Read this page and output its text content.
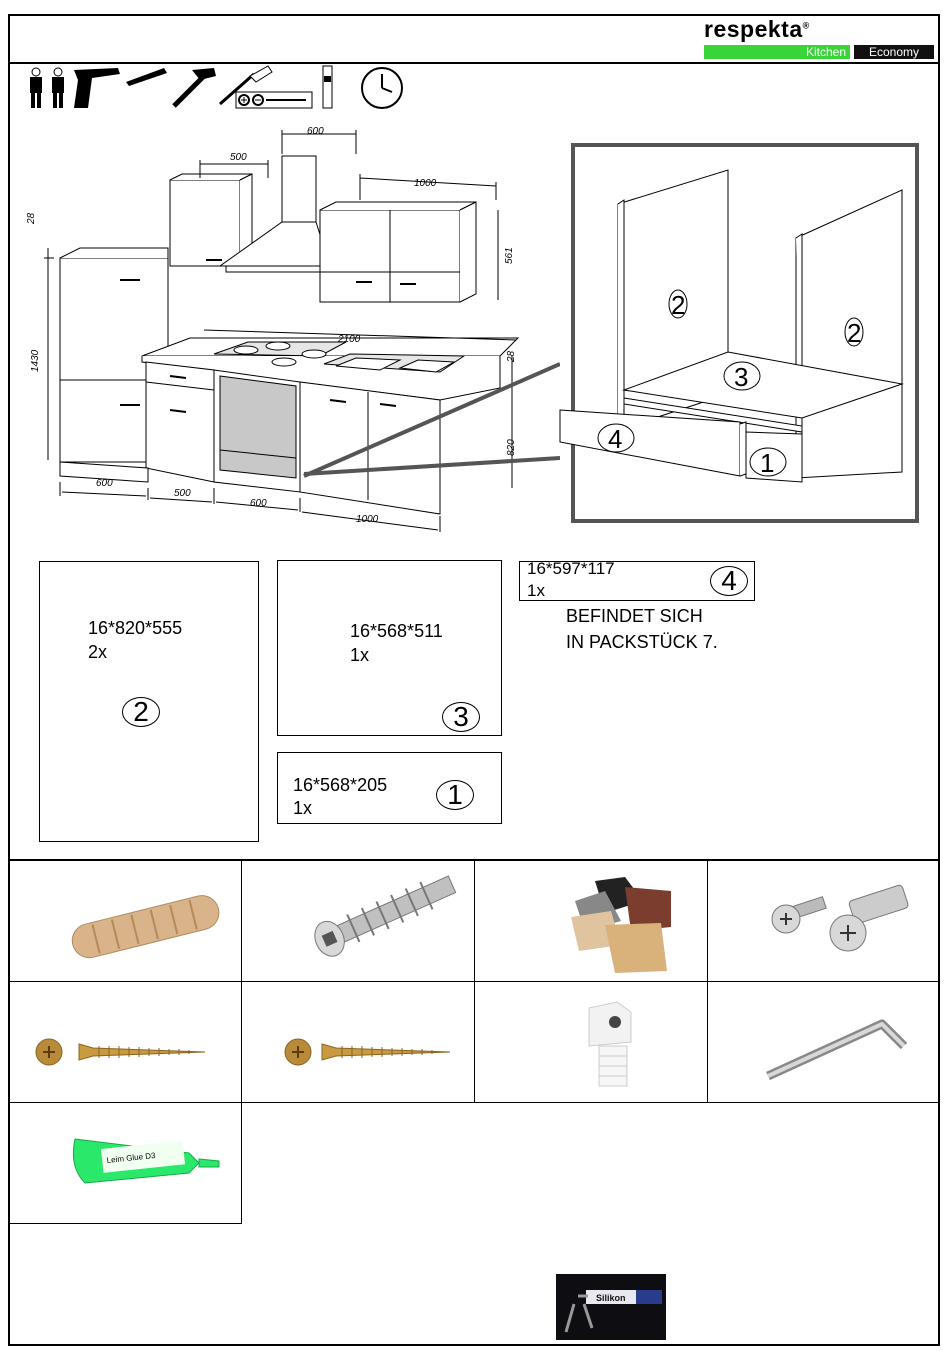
respekta®
Kitchen	Economy
600
500
1000
28
561
1430
2100
28
820
600
500
600
1000
2
2
3
4
1
16*820*555
2x
2
16*568*511
1x
3
16*568*205
1x	1
16*597*117
1x	4
BEFINDET SICH
IN PACKSTÜCK 7.
Leim Glue D3
Silikon
